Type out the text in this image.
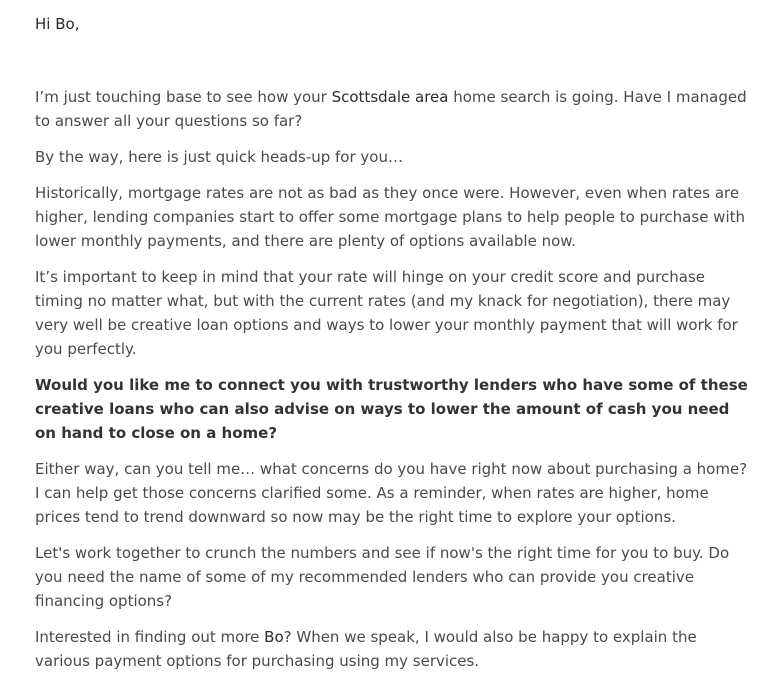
Hi Bo,

I’m just touching base to see how your Scottsdale area home search is going. Have I managed to answer all your questions so far?

By the way, here is just quick heads-up for you…

Historically, mortgage rates are not as bad as they once were. However, even when rates are higher, lending companies start to offer some mortgage plans to help people to purchase with lower monthly payments, and there are plenty of options available now.

It’s important to keep in mind that your rate will hinge on your credit score and purchase timing no matter what, but with the current rates (and my knack for negotiation), there may very well be creative loan options and ways to lower your monthly payment that will work for you perfectly.

Would you like me to connect you with trustworthy lenders who have some of these creative loans who can also advise on ways to lower the amount of cash you need on hand to close on a home?

Either way, can you tell me… what concerns do you have right now about purchasing a home? I can help get those concerns clarified some. As a reminder, when rates are higher, home prices tend to trend downward so now may be the right time to explore your options.

Let's work together to crunch the numbers and see if now's the right time for you to buy. Do you need the name of some of my recommended lenders who can provide you creative financing options?

Interested in finding out more Bo? When we speak, I would also be happy to explain the various payment options for purchasing using my services.
